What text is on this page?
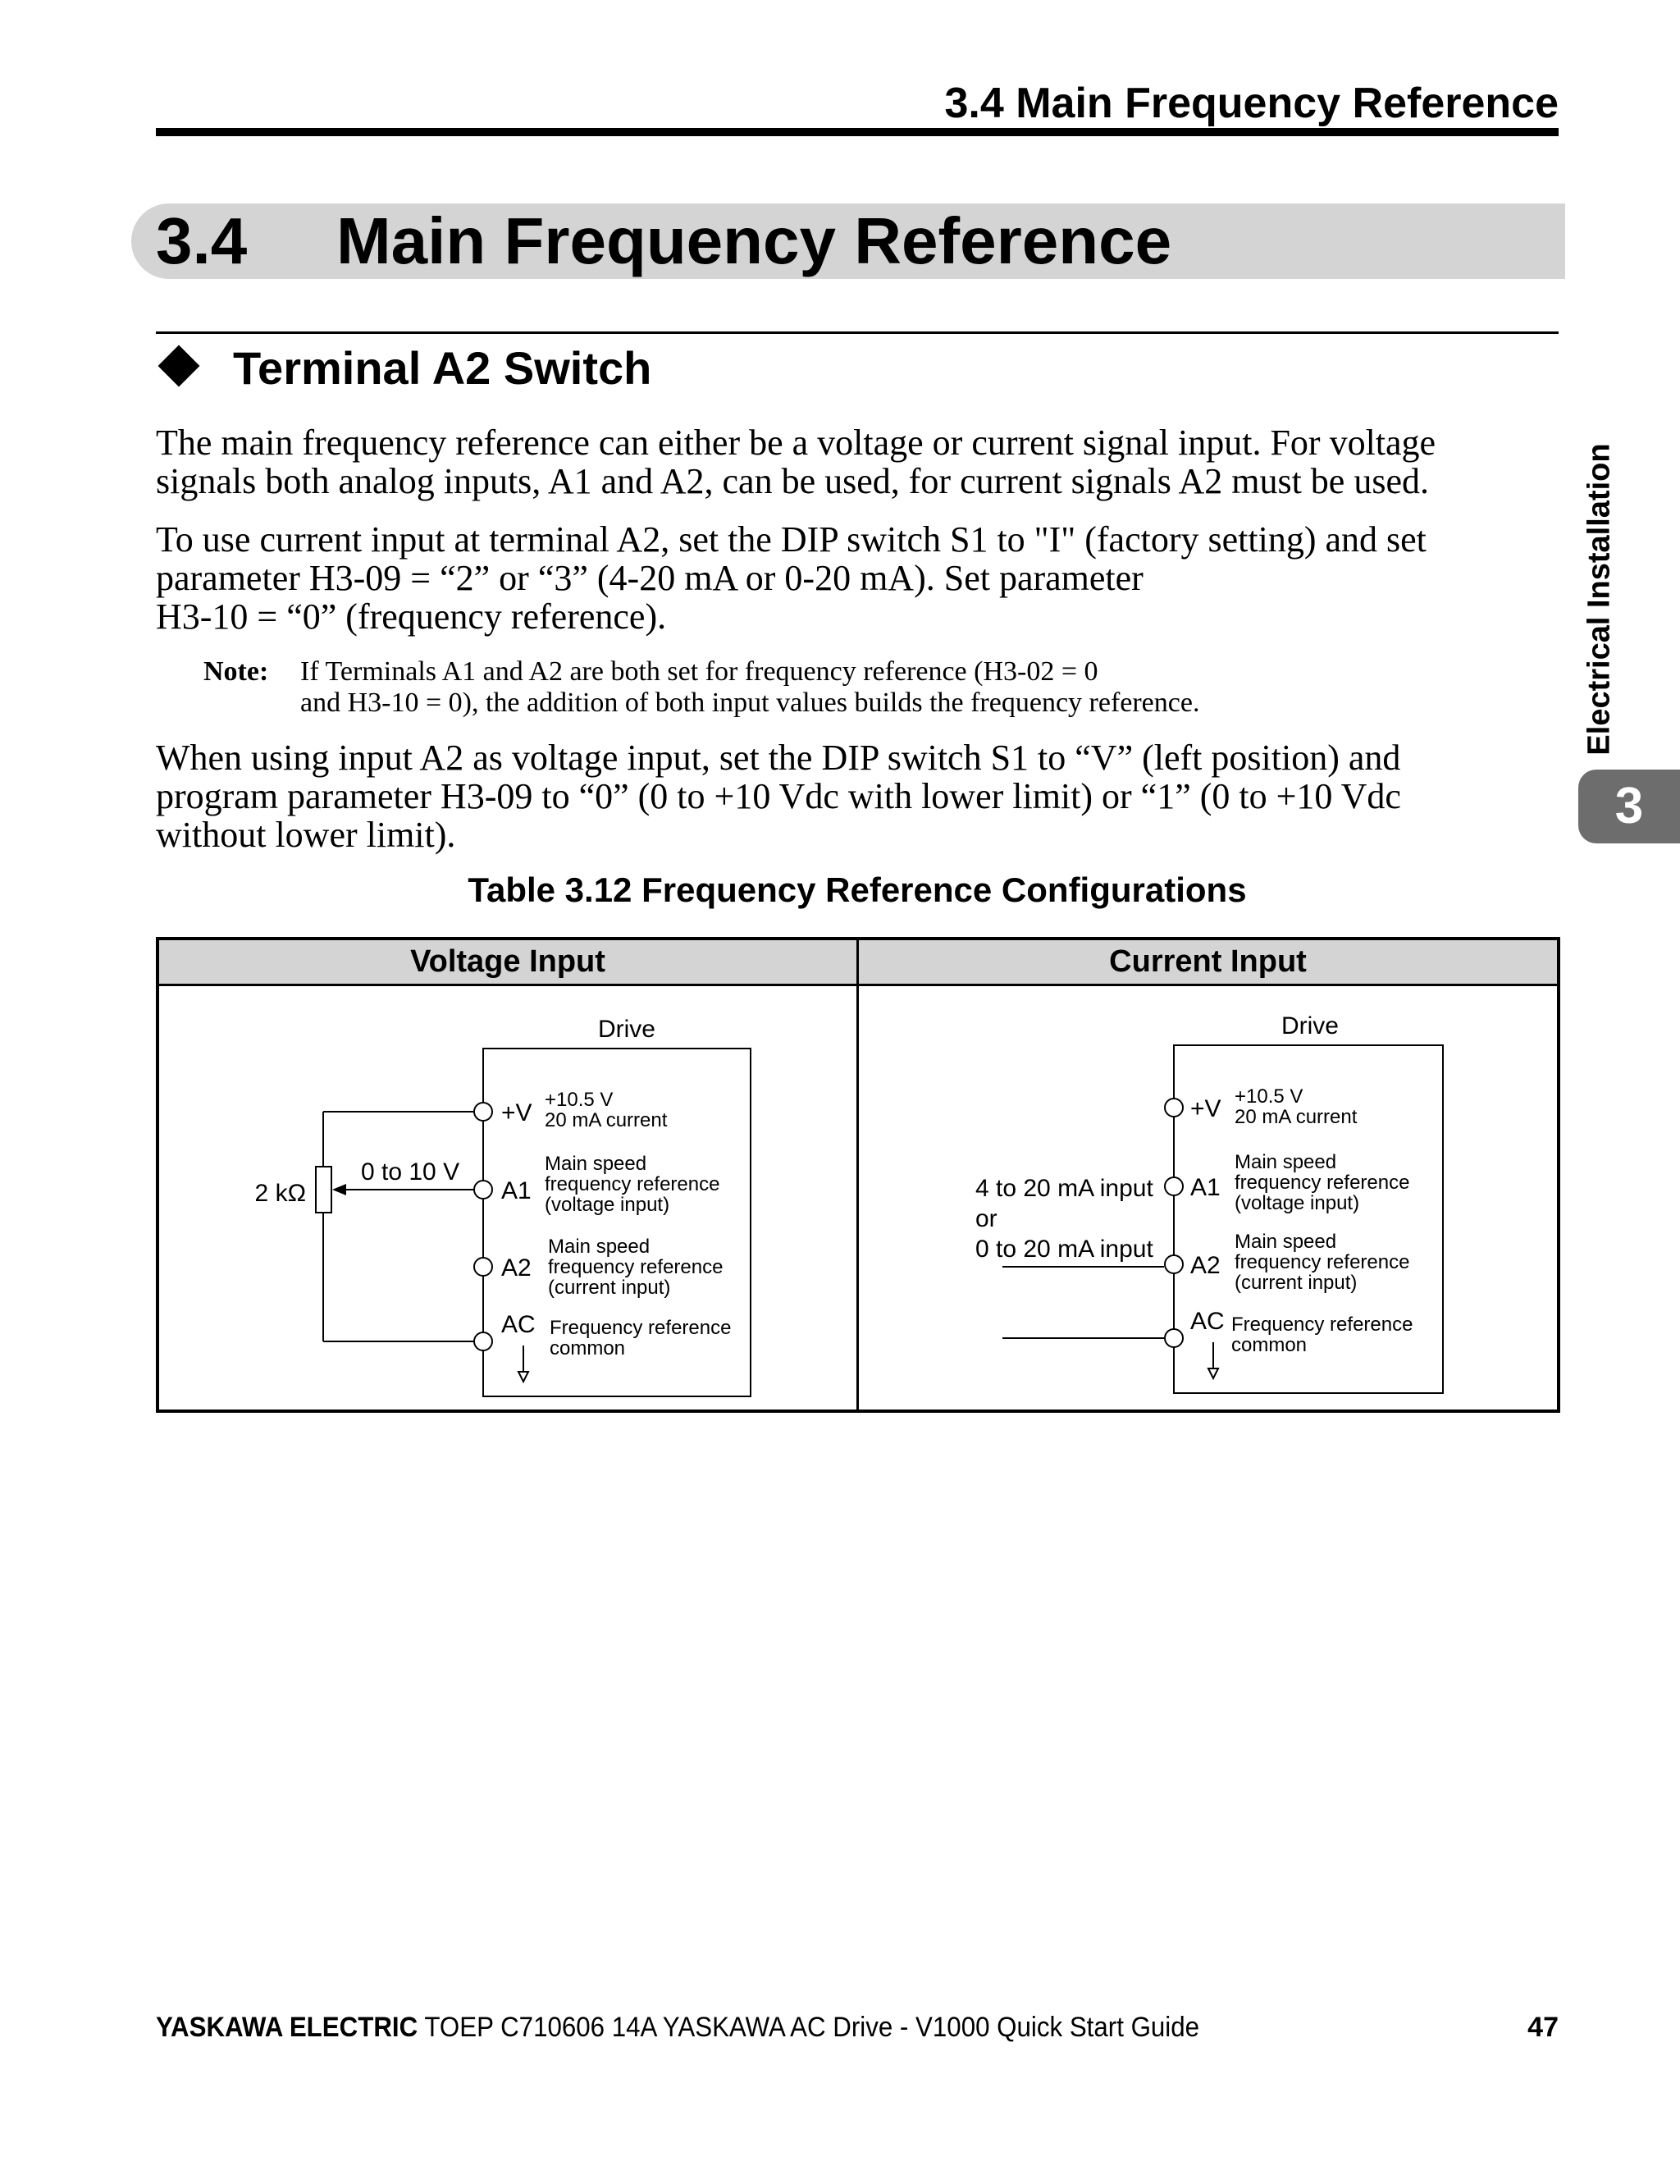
3.4 Main Frequency Reference
3.4 Main Frequency Reference
Terminal A2 Switch
The main frequency reference can either be a voltage or current signal input. For voltage
signals both analog inputs, A1 and A2, can be used, for current signals A2 must be used.
To use current input at terminal A2, set the DIP switch S1 to "I" (factory setting) and set
parameter H3-09 = “2” or “3” (4-20 mA or 0-20 mA). Set parameter
H3-10 = “0” (frequency reference).
Note: If Terminals A1 and A2 are both set for frequency reference (H3-02 = 0
and H3-10 = 0), the addition of both input values builds the frequency reference.
When using input A2 as voltage input, set the DIP switch S1 to “V” (left position) and
program parameter H3-09 to “0” (0 to +10 Vdc with lower limit) or “1” (0 to +10 Vdc
without lower limit).
Electrical Installation
3
Table 3.12 Frequency Reference Configurations
Voltage Input	Current Input
Drive
2 kΩ
0 to 10 V
+V +10.5 V
20 mA current
A1
Main speed
frequency reference
(voltage input)
A2
Main speed
frequency reference
(current input)
AC Frequency reference
common
Drive
4 to 20 mA input
or
0 to 20 mA input
+V +10.5 V
20 mA current
A1
Main speed
frequency reference
(voltage input)
A2
Main speed
frequency reference
(current input)
AC Frequency reference
common
YASKAWA ELECTRIC TOEP C710606 14A YASKAWA AC Drive - V1000 Quick Start Guide	47
